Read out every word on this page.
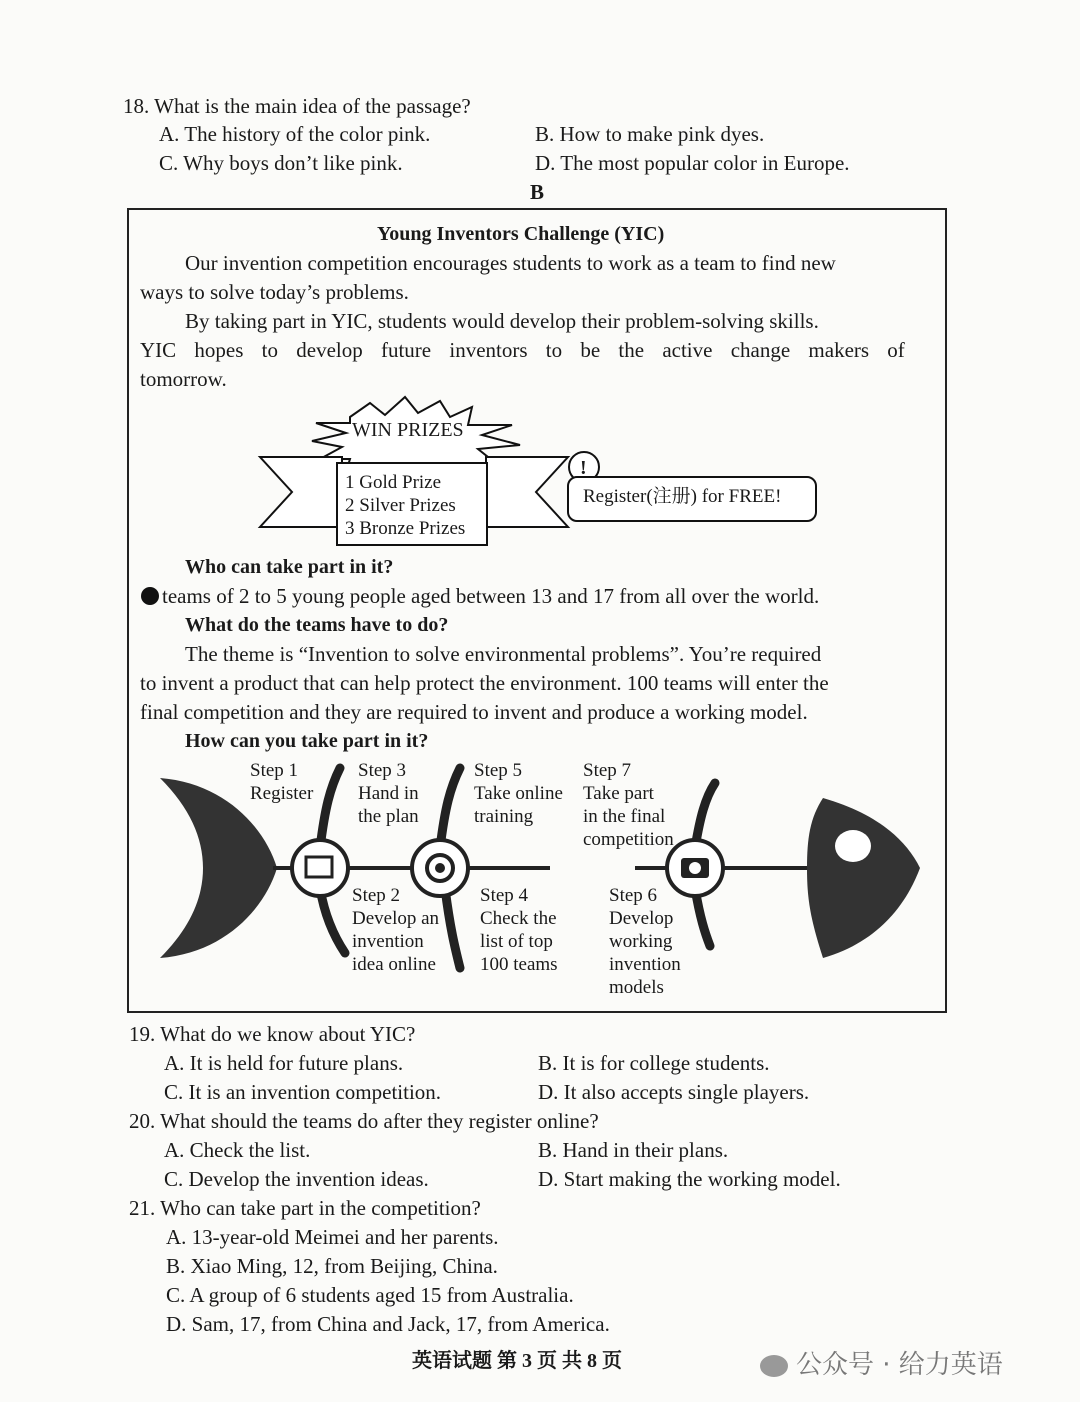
18. What is the main idea of the passage?
A. The history of the color pink.	B. How to make pink dyes.
C. Why boys don’t like pink.	D. The most popular color in Europe.
B
Young Inventors Challenge (YIC)
Our invention competition encourages students to work as a team to find new
ways to solve today’s problems.
By taking part in YIC, students would develop their problem-solving skills.
YIC hopes to develop future inventors to be the active change makers of
tomorrow.
WIN PRIZES
1 Gold Prize
2 Silver Prizes
3 Bronze Prizes
!
Register(注册) for FREE!
Who can take part in it?
teams of 2 to 5 young people aged between 13 and 17 from all over the world.
What do the teams have to do?
The theme is “Invention to solve environmental problems”. You’re required
to invent a product that can help protect the environment. 100 teams will enter the
final competition and they are required to invent and produce a working model.
How can you take part in it?
Step 1
Register
Step 3
Hand in
the plan
Step 5
Take online
training
Step 7
Take part
in the final
competition
Step 2
Develop an
invention
idea online
Step 4
Check the
list of top
100 teams
Step 6
Develop
working
invention
models
19. What do we know about YIC?
A. It is held for future plans.	B. It is for college students.
C. It is an invention competition.	D. It also accepts single players.
20. What should the teams do after they register online?
A. Check the list.	B. Hand in their plans.
C. Develop the invention ideas.	D. Start making the working model.
21. Who can take part in the competition?
A. 13-year-old Meimei and her parents.
B. Xiao Ming, 12, from Beijing, China.
C. A group of 6 students aged 15 from Australia.
D. Sam, 17, from China and Jack, 17, from America.
英语试题 第 3 页 共 8 页	公众号 · 给力英语
